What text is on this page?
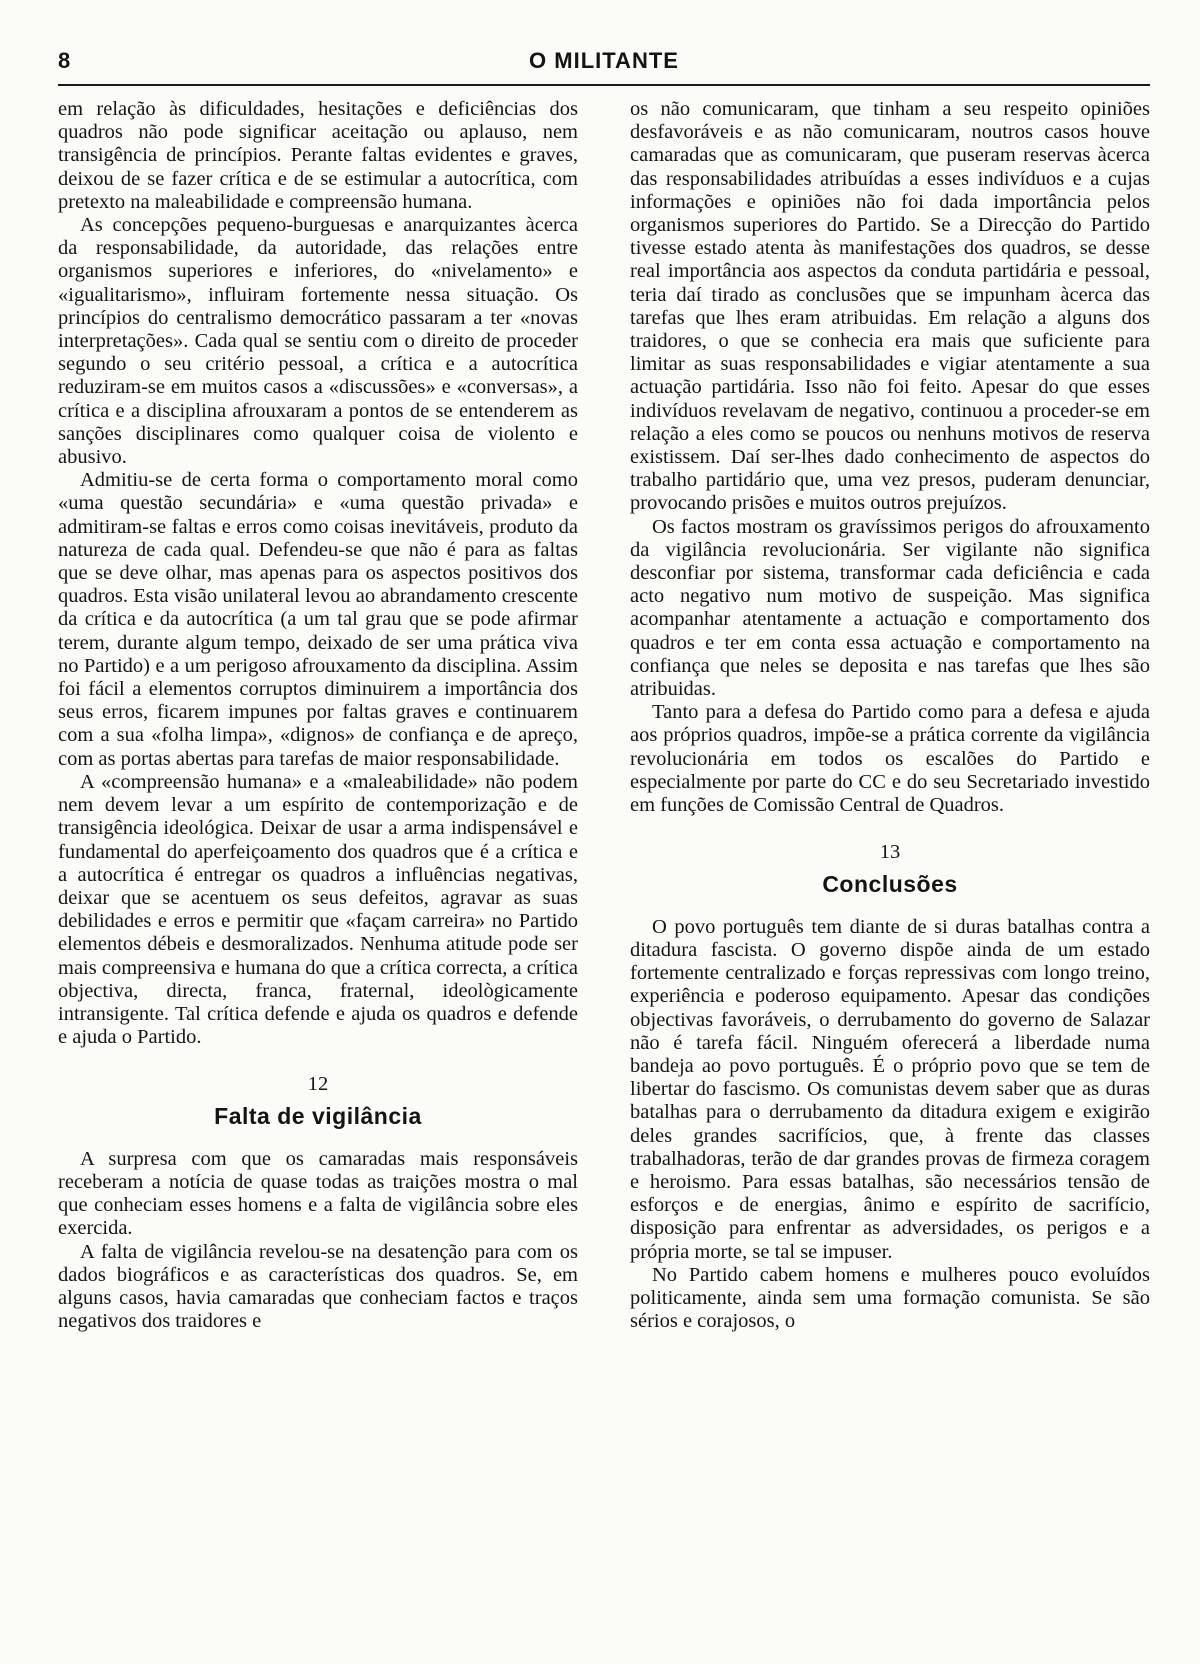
8	O MILITANTE

em relação às dificuldades, hesitações e deficiências dos quadros não pode significar aceitação ou aplauso, nem transigência de princípios. Perante faltas evidentes e graves, deixou de se fazer crítica e de se estimular a autocrítica, com pretexto na maleabilidade e compreensão humana.

As concepções pequeno-burguesas e anarquizantes àcerca da responsabilidade, da autoridade, das relações entre organismos superiores e inferiores, do «nivelamento» e «igualitarismo», influiram fortemente nessa situação. Os princípios do centralismo democrático passaram a ter «novas interpretações». Cada qual se sentiu com o direito de proceder segundo o seu critério pessoal, a crítica e a autocrítica reduziram-se em muitos casos a «discussões» e «conversas», a crítica e a disciplina afrouxaram a pontos de se entenderem as sanções disciplinares como qualquer coisa de violento e abusivo.

Admitiu-se de certa forma o comportamento moral como «uma questão secundária» e «uma questão privada» e admitiram-se faltas e erros como coisas inevitáveis, produto da natureza de cada qual. Defendeu-se que não é para as faltas que se deve olhar, mas apenas para os aspectos positivos dos quadros. Esta visão unilateral levou ao abrandamento crescente da crítica e da autocrítica (a um tal grau que se pode afirmar terem, durante algum tempo, deixado de ser uma prática viva no Partido) e a um perigoso afrouxamento da disciplina. Assim foi fácil a elementos corruptos diminuirem a importância dos seus erros, ficarem impunes por faltas graves e continuarem com a sua «folha limpa», «dignos» de confiança e de apreço, com as portas abertas para tarefas de maior responsabilidade.

A «compreensão humana» e a «maleabilidade» não podem nem devem levar a um espírito de contemporização e de transigência ideológica. Deixar de usar a arma indispensável e fundamental do aperfeiçoamento dos quadros que é a crítica e a autocrítica é entregar os quadros a influências negativas, deixar que se acentuem os seus defeitos, agravar as suas debilidades e erros e permitir que «façam carreira» no Partido elementos débeis e desmoralizados. Nenhuma atitude pode ser mais compreensiva e humana do que a crítica correcta, a crítica objectiva, directa, franca, fraternal, ideològicamente intransigente. Tal crítica defende e ajuda os quadros e defende e ajuda o Partido.

12
Falta de vigilância

A surpresa com que os camaradas mais responsáveis receberam a notícia de quase todas as traições mostra o mal que conheciam esses homens e a falta de vigilância sobre eles exercida.

A falta de vigilância revelou-se na desatenção para com os dados biográficos e as características dos quadros. Se, em alguns casos, havia camaradas que conheciam factos e traços negativos dos traidores e

os não comunicaram, que tinham a seu respeito opiniões desfavoráveis e as não comunicaram, noutros casos houve camaradas que as comunicaram, que puseram reservas àcerca das responsabilidades atribuídas a esses indivíduos e a cujas informações e opiniões não foi dada importância pelos organismos superiores do Partido. Se a Direcção do Partido tivesse estado atenta às manifestações dos quadros, se desse real importância aos aspectos da conduta partidária e pessoal, teria daí tirado as conclusões que se impunham àcerca das tarefas que lhes eram atribuidas. Em relação a alguns dos traidores, o que se conhecia era mais que suficiente para limitar as suas responsabilidades e vigiar atentamente a sua actuação partidária. Isso não foi feito. Apesar do que esses indivíduos revelavam de negativo, continuou a proceder-se em relação a eles como se poucos ou nenhuns motivos de reserva existissem. Daí ser-lhes dado conhecimento de aspectos do trabalho partidário que, uma vez presos, puderam denunciar, provocando prisões e muitos outros prejuízos.

Os factos mostram os gravíssimos perigos do afrouxamento da vigilância revolucionária. Ser vigilante não significa desconfiar por sistema, transformar cada deficiência e cada acto negativo num motivo de suspeição. Mas significa acompanhar atentamente a actuação e comportamento dos quadros e ter em conta essa actuação e comportamento na confiança que neles se deposita e nas tarefas que lhes são atribuidas.

Tanto para a defesa do Partido como para a defesa e ajuda aos próprios quadros, impõe-se a prática corrente da vigilância revolucionária em todos os escalões do Partido e especialmente por parte do CC e do seu Secretariado investido em funções de Comissão Central de Quadros.

13
Conclusões

O povo português tem diante de si duras batalhas contra a ditadura fascista. O governo dispõe ainda de um estado fortemente centralizado e forças repressivas com longo treino, experiência e poderoso equipamento. Apesar das condições objectivas favoráveis, o derrubamento do governo de Salazar não é tarefa fácil. Ninguém oferecerá a liberdade numa bandeja ao povo português. É o próprio povo que se tem de libertar do fascismo. Os comunistas devem saber que as duras batalhas para o derrubamento da ditadura exigem e exigirão deles grandes sacrifícios, que, à frente das classes trabalhadoras, terão de dar grandes provas de firmeza coragem e heroismo. Para essas batalhas, são necessários tensão de esforços e de energias, ânimo e espírito de sacrifício, disposição para enfrentar as adversidades, os perigos e a própria morte, se tal se impuser.

No Partido cabem homens e mulheres pouco evoluídos politicamente, ainda sem uma formação comunista. Se são sérios e corajosos, o
